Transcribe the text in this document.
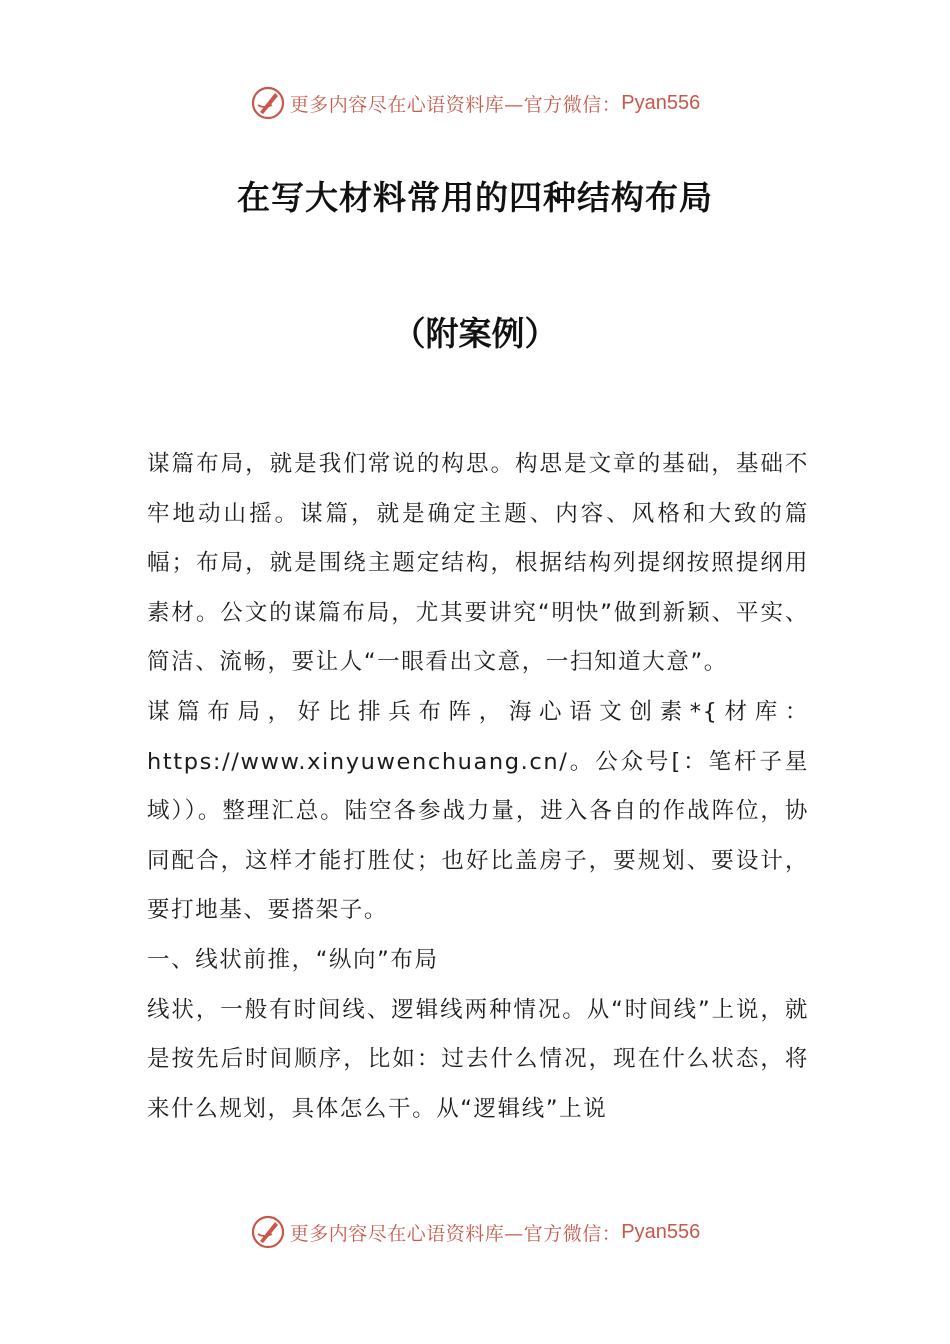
更多内容尽在心语资料库—官方微信： Pyan556
在写大材料常用的四种结构布局
（附案例）

谋篇布局，就是我们常说的构思。构思是文章的基础，基础不牢地动山摇。谋篇，就是确定主题、内容、风格和大致的篇幅；布局，就是围绕主题定结构，根据结构列提纲按照提纲用素材。公文的谋篇布局，尤其要讲究“明快”做到新颖、平实、简洁、流畅，要让人“一眼看出文意，一扫知道大意”。

谋篇布局，好比排兵布阵，海心语文创素*{材库：https://www.xinyuwenchuang.cn/。公众号[：笔杆子星域））。整理汇总。陆空各参战力量，进入各自的作战阵位，协同配合，这样才能打胜仗；也好比盖房子，要规划、要设计，要打地基、要搭架子。

一、线状前推，“纵向”布局

线状，一般有时间线、逻辑线两种情况。从“时间线”上说，就是按先后时间顺序，比如：过去什么情况，现在什么状态，将来什么规划，具体怎么干。从“逻辑线”上说

更多内容尽在心语资料库—官方微信： Pyan556
